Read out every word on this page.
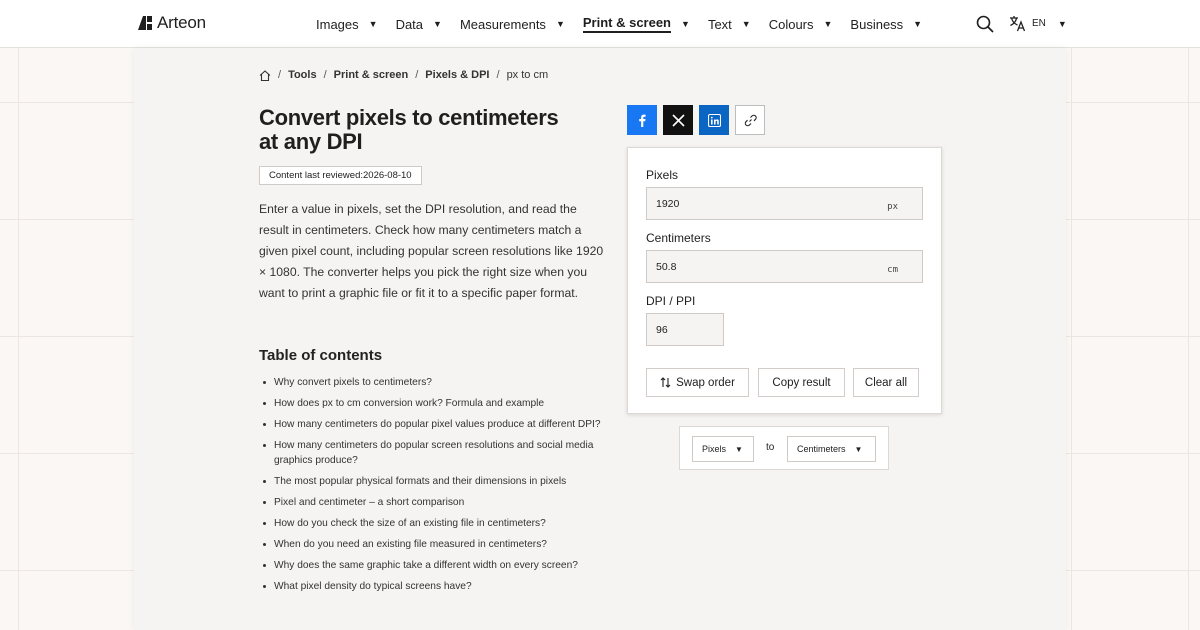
Arteon	Images ▼ Data ▼ Measurements ▼ Print & screen ▼ Text ▼ Colours ▼ Business ▼	EN ▼
/ Tools / Print & screen / Pixels & DPI / px to cm
Convert pixels to centimeters at any DPI
Content last reviewed:2026-08-10

Enter a value in pixels, set the DPI resolution, and read the result in centimeters. Check how many centimeters match a given pixel count, including popular screen resolutions like 1920 × 1080. The converter helps you pick the right size when you want to print a graphic file or fit it to a specific paper format.

Table of contents
Why convert pixels to centimeters?
How does px to cm conversion work? Formula and example
How many centimeters do popular pixel values produce at different DPI?
How many centimeters do popular screen resolutions and social media graphics produce?
The most popular physical formats and their dimensions in pixels
Pixel and centimeter – a short comparison
How do you check the size of an existing file in centimeters?
When do you need an existing file measured in centimeters?
Why does the same graphic take a different width on every screen?
What pixel density do typical screens have?
Pixels
1920	px
Centimeters
50.8	cm
DPI / PPI
96
Swap order	Copy result	Clear all
Pixels ▼ to	Centimeters ▼
